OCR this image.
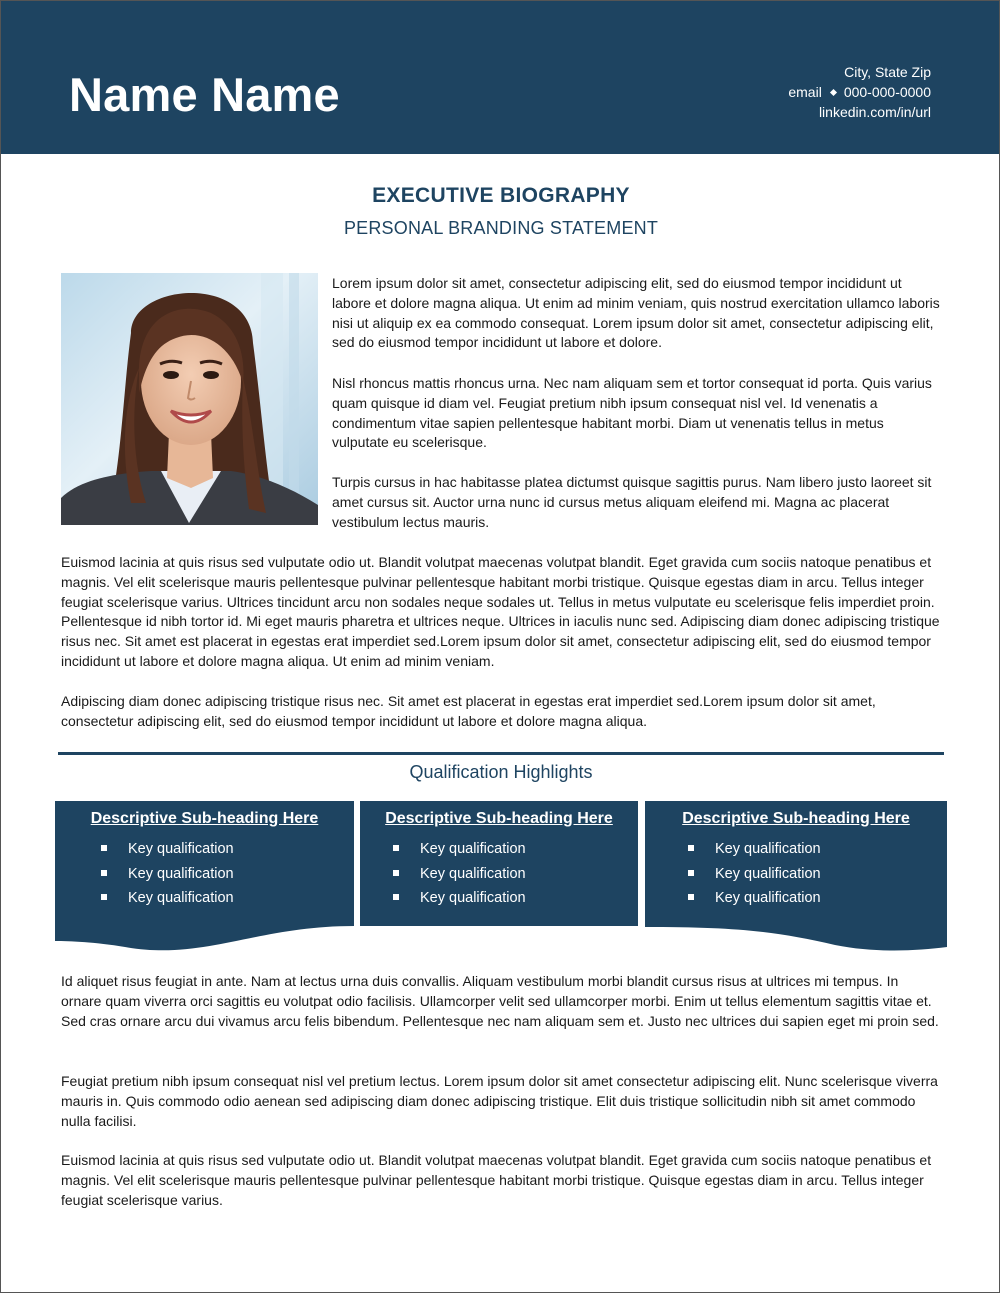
Name Name	City, State Zip
email 000-000-0000
linkedin.com/in/url
EXECUTIVE BIOGRAPHY
PERSONAL BRANDING STATEMENT
Lorem ipsum dolor sit amet, consectetur adipiscing elit, sed do eiusmod tempor incididunt ut labore et dolore magna aliqua. Ut enim ad minim veniam, quis nostrud exercitation ullamco laboris nisi ut aliquip ex ea commodo consequat. Lorem ipsum dolor sit amet, consectetur adipiscing elit, sed do eiusmod tempor incididunt ut labore et dolore.
Nisl rhoncus mattis rhoncus urna. Nec nam aliquam sem et tortor consequat id porta. Quis varius quam quisque id diam vel. Feugiat pretium nibh ipsum consequat nisl vel. Id venenatis a condimentum vitae sapien pellentesque habitant morbi. Diam ut venenatis tellus in metus vulputate eu scelerisque.
Turpis cursus in hac habitasse platea dictumst quisque sagittis purus. Nam libero justo laoreet sit amet cursus sit. Auctor urna nunc id cursus metus aliquam eleifend mi. Magna ac placerat vestibulum lectus mauris.
Euismod lacinia at quis risus sed vulputate odio ut. Blandit volutpat maecenas volutpat blandit. Eget gravida cum sociis natoque penatibus et magnis. Vel elit scelerisque mauris pellentesque pulvinar pellentesque habitant morbi tristique. Quisque egestas diam in arcu. Tellus integer feugiat scelerisque varius. Ultrices tincidunt arcu non sodales neque sodales ut. Tellus in metus vulputate eu scelerisque felis imperdiet proin. Pellentesque id nibh tortor id. Mi eget mauris pharetra et ultrices neque. Ultrices in iaculis nunc sed. Adipiscing diam donec adipiscing tristique risus nec. Sit amet est placerat in egestas erat imperdiet sed.Lorem ipsum dolor sit amet, consectetur adipiscing elit, sed do eiusmod tempor incididunt ut labore et dolore magna aliqua. Ut enim ad minim veniam.
Adipiscing diam donec adipiscing tristique risus nec. Sit amet est placerat in egestas erat imperdiet sed.Lorem ipsum dolor sit amet, consectetur adipiscing elit, sed do eiusmod tempor incididunt ut labore et dolore magna aliqua.
Qualification Highlights
Descriptive Sub-heading Here
Key qualification
Key qualification
Key qualification
Descriptive Sub-heading Here
Key qualification
Key qualification
Key qualification
Descriptive Sub-heading Here
Key qualification
Key qualification
Key qualification
Id aliquet risus feugiat in ante. Nam at lectus urna duis convallis. Aliquam vestibulum morbi blandit cursus risus at ultrices mi tempus. In ornare quam viverra orci sagittis eu volutpat odio facilisis. Ullamcorper velit sed ullamcorper morbi. Enim ut tellus elementum sagittis vitae et. Sed cras ornare arcu dui vivamus arcu felis bibendum. Pellentesque nec nam aliquam sem et. Justo nec ultrices dui sapien eget mi proin sed.
Feugiat pretium nibh ipsum consequat nisl vel pretium lectus. Lorem ipsum dolor sit amet consectetur adipiscing elit. Nunc scelerisque viverra mauris in. Quis commodo odio aenean sed adipiscing diam donec adipiscing tristique. Elit duis tristique sollicitudin nibh sit amet commodo nulla facilisi.
Euismod lacinia at quis risus sed vulputate odio ut. Blandit volutpat maecenas volutpat blandit. Eget gravida cum sociis natoque penatibus et magnis. Vel elit scelerisque mauris pellentesque pulvinar pellentesque habitant morbi tristique. Quisque egestas diam in arcu. Tellus integer feugiat scelerisque varius.
